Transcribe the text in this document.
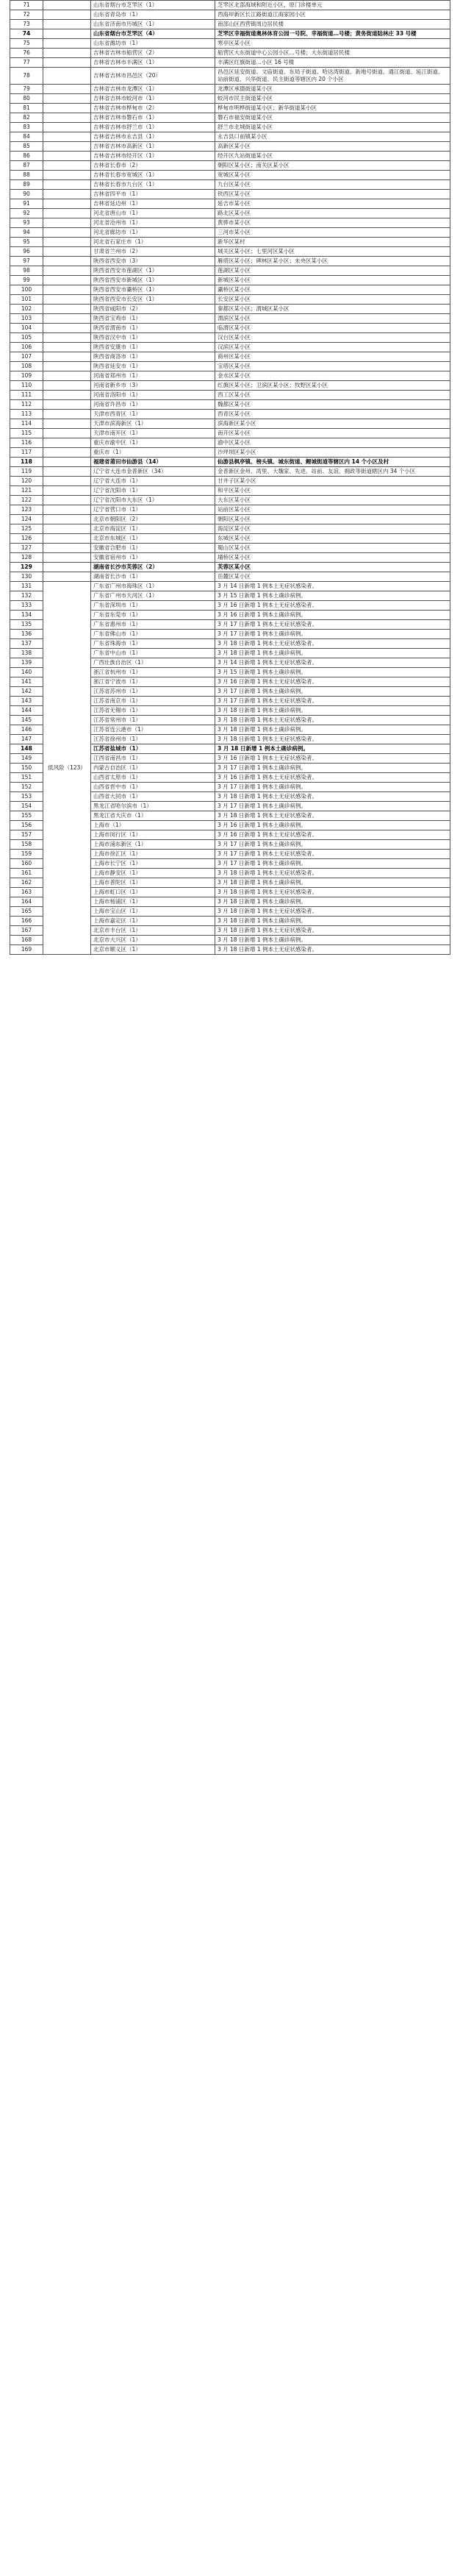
71		山东省烟台市芝罘区（1）	芝罘区北部海域和附近小区，原门诊楼单元
72		山东省青岛市（1）	西海岸新区长江路街道江海家园小区
73		山东省济南市历城区（1）	南部山区西营镇周边居民楼
74		山东省烟台市芝罘区（4）	芝罘区幸福街道奥林体育公园一号院、幸福街道…号楼；黄务街道陆林庄 33 号楼
75		山东省潍坊市（1）	寒亭区某小区
76		吉林省吉林市船营区（2）	船营区大东街道中心公园小区…号楼；大东街道居民楼
77		吉林省吉林市丰满区（1）	丰满区红旗街道…小区 16 号楼
78		吉林省吉林市昌邑区（20）	昌邑区延安街道、文庙街道、东局子街道、哈达湾街道、新地号街道、通江街道、延江街道、站前街道、兴华街道、民主街道等辖区内 20 个小区
79		吉林省吉林市龙潭区（1）	龙潭区承德街道某小区
80		吉林省吉林市蛟河市（1）	蛟河市民主街道某小区
81		吉林省吉林市桦甸市（2）	桦甸市明桦街道某小区；新华街道某小区
82		吉林省吉林市磐石市（1）	磐石市福安街道某小区
83		吉林省吉林市舒兰市（1）	舒兰市北城街道某小区
84		吉林省吉林市永吉县（1）	永吉县口前镇某小区
85		吉林省吉林市高新区（1）	高新区某小区
86		吉林省吉林市经开区（1）	经开区九站街道某小区
87		吉林省长春市（2）	朝阳区某小区；南关区某小区
88		吉林省长春市宽城区（1）	宽城区某小区
89		吉林省长春市九台区（1）	九台区某小区
90		吉林省四平市（1）	铁西区某小区
91		吉林省延边州（1）	延吉市某小区
92		河北省唐山市（1）	路北区某小区
93		河北省沧州市（1）	黄骅市某小区
94		河北省廊坊市（1）	三河市某小区
95		河北省石家庄市（1）	新华区某村
96		甘肃省兰州市（2）	城关区某小区；七里河区某小区
97		陕西省西安市（3）	雁塔区某小区；碑林区某小区；未央区某小区
98		陕西省西安市莲湖区（1）	莲湖区某小区
99		陕西省西安市新城区（1）	新城区某小区
100		陕西省西安市灞桥区（1）	灞桥区某小区
101		陕西省西安市长安区（1）	长安区某小区
102		陕西省咸阳市（2）	秦都区某小区；渭城区某小区
103		陕西省宝鸡市（1）	渭滨区某小区
104		陕西省渭南市（1）	临渭区某小区
105		陕西省汉中市（1）	汉台区某小区
106		陕西省安康市（1）	汉滨区某小区
107		陕西省商洛市（1）	商州区某小区
108		陕西省延安市（1）	宝塔区某小区
109		河南省郑州市（1）	金水区某小区
110		河南省新乡市（3）	红旗区某小区；卫滨区某小区；牧野区某小区
111		河南省洛阳市（1）	西工区某小区
112		河南省许昌市（1）	魏都区某小区
113		天津市西青区（1）	西青区某小区
114		天津市滨海新区（1）	滨海新区某小区
115		天津市南开区（1）	南开区某小区
116		重庆市渝中区（1）	渝中区某小区
117		重庆市（1）	沙坪坝区某小区
118		福建省莆田市仙游县（14）	仙游县枫亭镇、榜头镇、城东街道、鲤城街道等辖区内 14 个小区及村
119		辽宁省大连市金普新区（34）	金普新区金州、湾里、大魏家、先进、站前、友谊、拥政等街道辖区内 34 个小区
120		辽宁省大连市（1）	甘井子区某小区
121		辽宁省沈阳市（1）	和平区某小区
122		辽宁省沈阳市大东区（1）	大东区某小区
123		辽宁省营口市（1）	站前区某小区
124		北京市朝阳区（2）	朝阳区某小区
125		北京市海淀区（1）	海淀区某小区
126		北京市东城区（1）	东城区某小区
127		安徽省合肥市（1）	蜀山区某小区
128		安徽省宿州市（1）	埇桥区某小区
129		湖南省长沙市芙蓉区（2）	芙蓉区某小区
130		湖南省长沙市（1）	岳麓区某小区
131	低风险（123）	广东省广州市海珠区（1）	3 月 14 日新增 1 例本土无症状感染者。
132		广东省广州市天河区（1）	3 月 15 日新增 1 例本土确诊病例。
133		广东省深圳市（1）	3 月 16 日新增 1 例本土无症状感染者。
134		广东省东莞市（1）	3 月 16 日新增 1 例本土确诊病例。
135		广东省惠州市（1）	3 月 17 日新增 1 例本土无症状感染者。
136		广东省佛山市（1）	3 月 17 日新增 1 例本土确诊病例。
137		广东省珠海市（1）	3 月 18 日新增 1 例本土无症状感染者。
138		广东省中山市（1）	3 月 18 日新增 1 例本土确诊病例。
139		广西壮族自治区（1）	3 月 14 日新增 1 例本土无症状感染者。
140		浙江省杭州市（1）	3 月 15 日新增 1 例本土确诊病例。
141		浙江省宁波市（1）	3 月 16 日新增 1 例本土无症状感染者。
142		江苏省苏州市（1）	3 月 17 日新增 1 例本土确诊病例。
143		江苏省南京市（1）	3 月 17 日新增 1 例本土无症状感染者。
144		江苏省无锡市（1）	3 月 18 日新增 1 例本土确诊病例。
145		江苏省常州市（1）	3 月 18 日新增 1 例本土无症状感染者。
146		江苏省连云港市（1）	3 月 18 日新增 1 例本土确诊病例。
147		江苏省徐州市（1）	3 月 18 日新增 1 例本土无症状感染者。
148		江苏省盐城市（1）	3 月 18 日新增 1 例本土确诊病例。
149		江西省南昌市（1）	3 月 16 日新增 1 例本土无症状感染者。
150		内蒙古自治区（1）	3 月 17 日新增 1 例本土确诊病例。
151		山西省太原市（1）	3 月 16 日新增 1 例本土无症状感染者。
152		山西省晋中市（1）	3 月 17 日新增 1 例本土确诊病例。
153		山西省大同市（1）	3 月 18 日新增 1 例本土无症状感染者。
154		黑龙江省哈尔滨市（1）	3 月 17 日新增 1 例本土确诊病例。
155		黑龙江省大庆市（1）	3 月 18 日新增 1 例本土无症状感染者。
156		上海市（1）	3 月 16 日新增 1 例本土确诊病例。
157		上海市闵行区（1）	3 月 16 日新增 1 例本土无症状感染者。
158		上海市浦东新区（1）	3 月 17 日新增 1 例本土确诊病例。
159		上海市徐汇区（1）	3 月 17 日新增 1 例本土无症状感染者。
160		上海市长宁区（1）	3 月 17 日新增 1 例本土确诊病例。
161		上海市静安区（1）	3 月 18 日新增 1 例本土无症状感染者。
162		上海市普陀区（1）	3 月 18 日新增 1 例本土确诊病例。
163		上海市虹口区（1）	3 月 18 日新增 1 例本土无症状感染者。
164		上海市杨浦区（1）	3 月 18 日新增 1 例本土确诊病例。
165		上海市宝山区（1）	3 月 18 日新增 1 例本土无症状感染者。
166		上海市嘉定区（1）	3 月 18 日新增 1 例本土确诊病例。
167		北京市丰台区（1）	3 月 18 日新增 1 例本土无症状感染者。
168		北京市大兴区（1）	3 月 18 日新增 1 例本土确诊病例。
169		北京市顺义区（1）	3 月 18 日新增 1 例本土无症状感染者。
